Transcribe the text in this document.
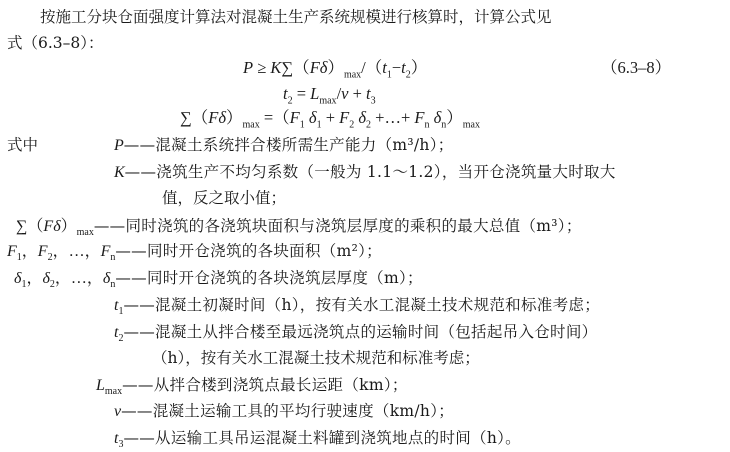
按施工分块仓面强度计算法对混凝土生产系统规模进行核算时，计算公式见
式（6.3–8）：
$P \ge K\sum(F\delta)_{max}/(t_1-t_2)$	（6.3–8）
$t_2 = L_{max}/v + t_3$
$\sum(F\delta)_{max} =(F_1$ $\delta_1 + F_2$ $\delta_2$ +…+ $F_n$ $\delta_n)_{max}$
式中	P——混凝土系统拌合楼所需生产能力（m³/h）；
K——浇筑生产不均匀系数（一般为 1.1～1.2），当开仓浇筑量大时取大
值，反之取小值；
$\sum(F\delta)_{max}——$同时浇筑的各浇筑块面积与浇筑层厚度的乘积的最大总值（m³）；
$F_1$，$F_2$，…，$F_n——$同时开仓浇筑的各块面积（m²）；
$\delta_1$，$\delta_2$，…，$\delta_n——$同时开仓浇筑的各块浇筑层厚度（m）；
$t_1——$混凝土初凝时间（h），按有关水工混凝土技术规范和标准考虑；
$t_2——$混凝土从拌合楼至最远浇筑点的运输时间（包括起吊入仓时间）
（h），按有关水工混凝土技术规范和标准考虑；
$L_{max}——$从拌合楼到浇筑点最长运距（km）；
v——混凝土运输工具的平均行驶速度（km/h）；
$t_3——$从运输工具吊运混凝土料罐到浇筑地点的时间（h）。
